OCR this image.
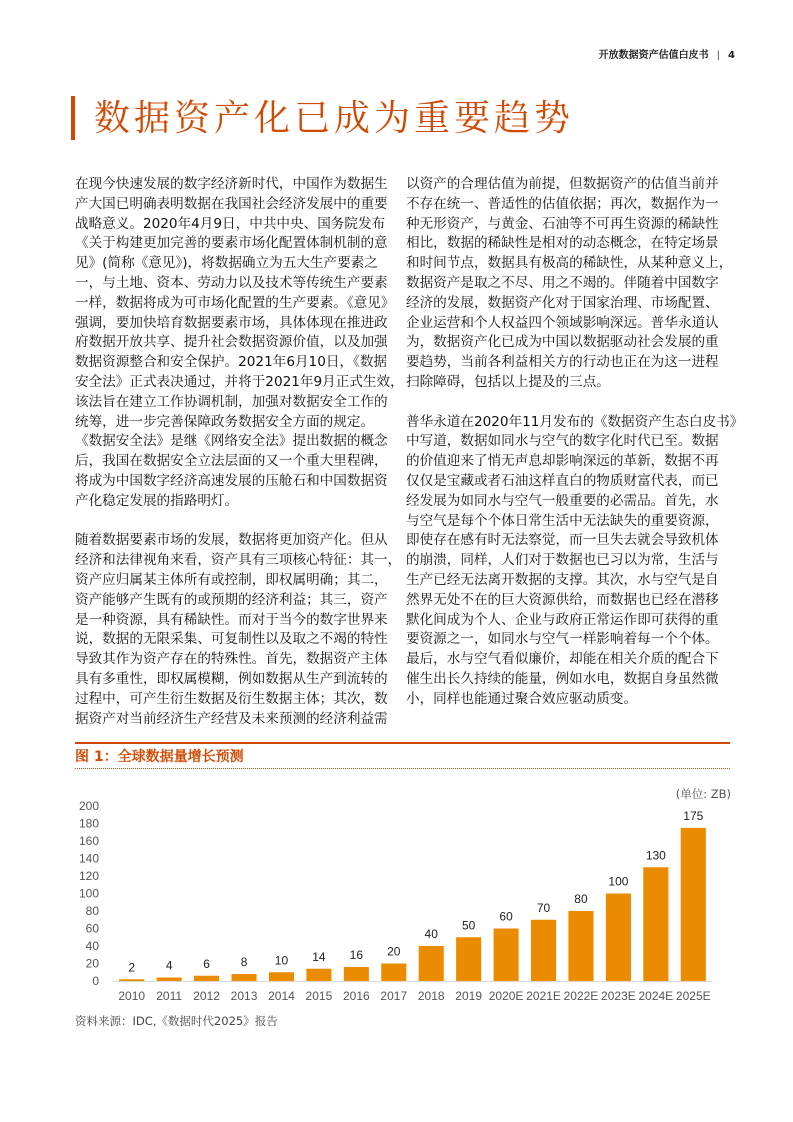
开放数据资产估值白皮书 | 4
数据资产化已成为重要趋势
在现今快速发展的数字经济新时代，中国作为数据生
产大国已明确表明数据在我国社会经济发展中的重要
战略意义。2020年4月9日，中共中央、国务院发布
《关于构建更加完善的要素市场化配置体制机制的意
见》(简称《意见》)，将数据确立为五大生产要素之
一，与土地、资本、劳动力以及技术等传统生产要素
一样，数据将成为可市场化配置的生产要素。《意见》
强调，要加快培育数据要素市场，具体体现在推进政
府数据开放共享、提升社会数据资源价值，以及加强
数据资源整合和安全保护。2021年6月10日，《数据
安全法》正式表决通过，并将于2021年9月正式生效，
该法旨在建立工作协调机制，加强对数据安全工作的
统筹，进一步完善保障政务数据安全方面的规定。
《数据安全法》是继《网络安全法》提出数据的概念
后，我国在数据安全立法层面的又一个重大里程碑，
将成为中国数字经济高速发展的压舱石和中国数据资
产化稳定发展的指路明灯。
随着数据要素市场的发展，数据将更加资产化。但从
经济和法律视角来看，资产具有三项核心特征：其一，
资产应归属某主体所有或控制，即权属明确；其二，
资产能够产生既有的或预期的经济利益；其三，资产
是一种资源，具有稀缺性。而对于当今的数字世界来
说，数据的无限采集、可复制性以及取之不竭的特性
导致其作为资产存在的特殊性。首先，数据资产主体
具有多重性，即权属模糊，例如数据从生产到流转的
过程中，可产生衍生数据及衍生数据主体；其次，数
据资产对当前经济生产经营及未来预测的经济利益需
以资产的合理估值为前提，但数据资产的估值当前并
不存在统一、普适性的估值依据；再次，数据作为一
种无形资产，与黄金、石油等不可再生资源的稀缺性
相比，数据的稀缺性是相对的动态概念，在特定场景
和时间节点，数据具有极高的稀缺性，从某种意义上，
数据资产是取之不尽、用之不竭的。伴随着中国数字
经济的发展，数据资产化对于国家治理、市场配置、
企业运营和个人权益四个领域影响深远。普华永道认
为，数据资产化已成为中国以数据驱动社会发展的重
要趋势，当前各利益相关方的行动也正在为这一进程
扫除障碍，包括以上提及的三点。
普华永道在2020年11月发布的《数据资产生态白皮书》
中写道，数据如同水与空气的数字化时代已至。数据
的价值迎来了悄无声息却影响深远的革新，数据不再
仅仅是宝藏或者石油这样直白的物质财富代表，而已
经发展为如同水与空气一般重要的必需品。首先，水
与空气是每个个体日常生活中无法缺失的重要资源，
即使存在感有时无法察觉，而一旦失去就会导致机体
的崩溃，同样，人们对于数据也已习以为常，生活与
生产已经无法离开数据的支撑。其次，水与空气是自
然界无处不在的巨大资源供给，而数据也已经在潜移
默化间成为个人、企业与政府正常运作即可获得的重
要资源之一，如同水与空气一样影响着每一个个体。
最后，水与空气看似廉价，却能在相关介质的配合下
催生出长久持续的能量，例如水电，数据自身虽然微
小，同样也能通过聚合效应驱动质变。
图 1：全球数据量增长预测
(单位: ZB)
0
20
40
60
80
100
120
140
160
180
200
2
2010
4
2011
6
2012
8
2013
10
2014
14
2015
16
2016
20
2017
40
2018
50
2019
60
2020E
70
2021E
80
2022E
100
2023E
130
2024E
175
2025E
资料来源：IDC,《数据时代2025》报告
